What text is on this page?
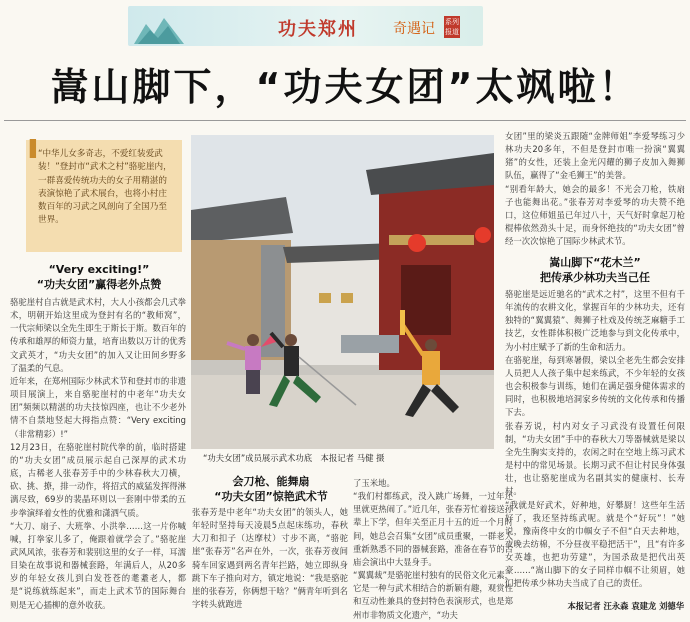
功夫郑州	奇遇记 系列报道
嵩山脚下，“功夫女团”太飒啦！
▌
“中华儿女多奇志，不爱红装爱武装！”登封市“武术之村”骆驼崖内，一群喜爱传统功夫的女子用精湛的表演惊艳了武术展台，也将小村庄数百年的习武之风剖向了全国乃至世界。
“Very exciting!”
“功夫女团”赢得老外点赞
骆驼崖村自古就是武术村，大人小孩都会几式拳术，明朝开始这里成为登封有名的“教师窝”，一代宗师梁以全先生即生于斯长于斯。数百年的传承和雄厚的师资力量，培育出数以万计的优秀文武英才，“功夫女团”的加入又让田间乡野多了温柔的气息。
近年来，在郑州国际少林武术节和登封市的非遗项目展演上，来自骆驼崖村的中老年“功夫女团”频频以精湛的功夫技惊四座，也让不少老外情不自禁地竖起大拇指点赞：“Very exciting（非常精彩）!”
12月23日，在骆驼崖村院代拳的前，临时搭建的“功夫女团”成员展示起自己深厚的武术功底，古稀老人张春芳手中的少林春秋大刀横，砍、挑、撩，排一动作，将招式的威猛发挥得淋漓尽致，69岁的裴晶环则以一套刚中带柔的五步拳演绎着女性的优雅和潇洒气质。
“大刀、扇子、大班拳、小洪拳……这一片你喊喊，打拳家儿多了，俺跟着就学会了。”骆驼崖武风风浓，张春芳和裴别这里的女子一样，耳濡目染在故事说和器械套路，年满后人，从20多岁的年轻女孩儿到白发苍苍的耄耋老人，都是“说练就练起来”，而走上武术节的国际舞台则是无心插柳的意外收获。
“功夫女团”成员展示武术功底　本报记者 马健 摄
会刀枪、能舞扇
“功夫女团”惊艳武术节
张春芳是中老年“功夫女团”的领头人，她年轻时坚持每天凌晨5点起床练功，春秋大刀和扣子（达摩杖）寸步不离，“骆驼崖“张春芳”名声在外，一次，张春芳夜间骑车回家遇到两名青年拦路，她立即纵身跳下车子推向对方，镇定地说：“我是骆驼崖的张春芳，你俩想干啥？”俩青年听到名字转头就跑进
了玉米地。
“我们村都练武，没入跳广场舞，一过年还里就更热闹了。”近几年，张春芳忙着接送孙辈上下学，但年关至正月十五的近一个月时间，她总会召集“女团”成员重聚，一群老人重新熟悉不同的器械套路，准备在春节的古庙会演出中大显身手。
“翼翼裁”是骆驼崖村独有的民俗文化元素，它是一种与武术相结合的新颖有趣，观赏性和互动性兼具的登封特色表演形式，也是郑州市非物质文化遗产，“功夫
女团”里的梁炎五跟随“金牌师姐”李爱琴练习少林功夫20多年，不但是登封市唯一扮演“翼翼猪”的女性，还装上金光闪耀的狮子皮加入舞狮队伍，赢得了“金毛狮王”的美誉。
“别看年龄大，她会的最多！不光会刀枪，铁扇子也能舞出花。”张春芳对李爱琴的功夫赞不绝口，这位师姐虽已年过八十，天气好时拿起刀枪棍棒依然劲头十足，而身怀绝技的“功夫女团”曾经一次次惊艳了国际少林武术节。
嵩山脚下“花木兰”
把传承少林功夫当己任
骆驼崖是远近驰名的“武术之村”，这里不但有千年流传的农耕文化，掌握百年的少林功夫，还有独特的“翼翼猿”、舞狮子杜戏及传统芝麻糖手工技艺，女性群体积极广泛地参与到文化传承中，为小村庄赋予了新的生命和活力。
在骆驼崖，每到寒暑假，梁以全老先生都会安排人员把人人孩子集中起来练武，不少年轻的女孩也会积极参与训练，她们在满足强身健体需求的同时，也积极地培洞家乡传统的文化传承和传播下去。
张春芳说，村内对女子习武没有设置任何限制，“功夫女团”手中的春秋大刀等器械就是梁以全先生胸实支持的，农闲之时在空地上练习武术是村中的常见场景。长期习武不但让村民身体强壮，也让骆驼崖成为名副其实的健康村、长寿村。
“我就是好武术，好种地，好攀厨！这些年生活好了，我还坚持练武呢。就是个“好玩”！”她说，豫南佟中女的巾帼女子不但“白天去种地，夜晚去纺棉，不分昼夜平稳把活干”，且“有许多女英雄，也把功劳建”，为国杀敌是把代出英豪……“嵩山脚下的女子同样巾帼不让须眉，她们把传承少林功夫当成了自己的责任。
本报记者 汪永森 袁建龙 刘德华
